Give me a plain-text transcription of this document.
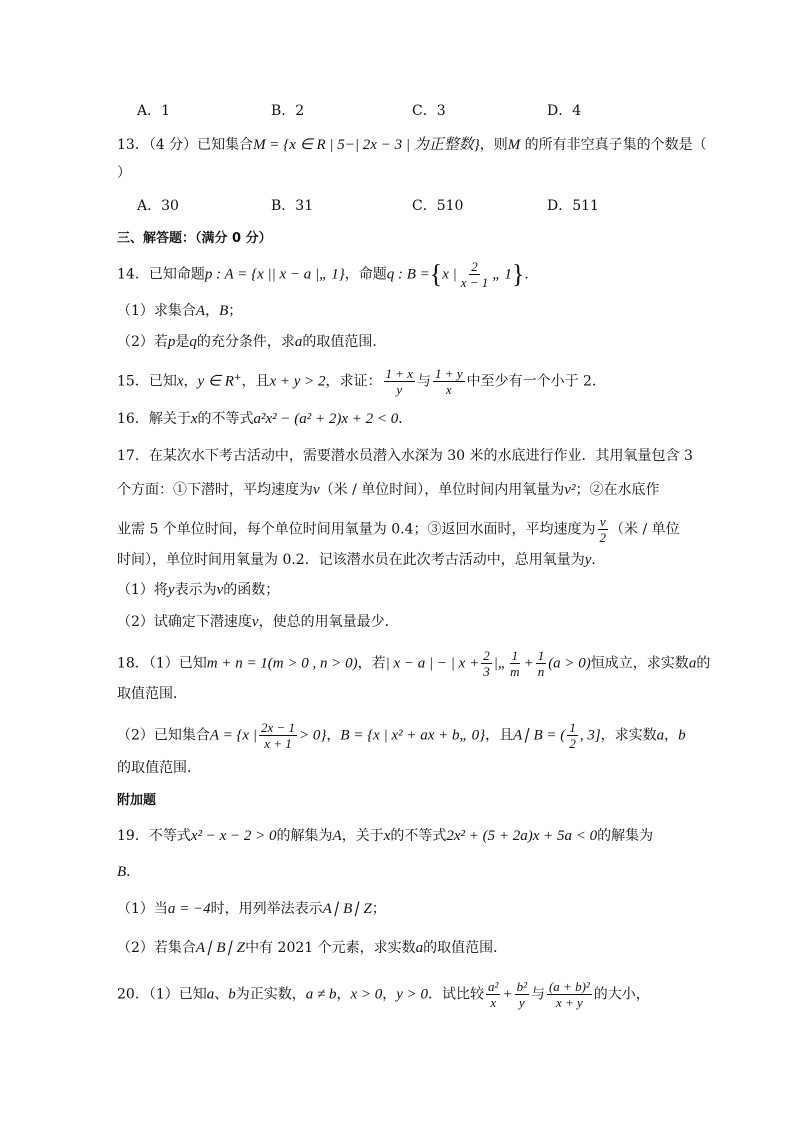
A．1	B．2	C．3	D．4
13．（4 分）已知集合M = {x ∈ R | 5−| 2x − 3 | 为正整数}，则M 的所有非空真子集的个数是（
）
A．30	B．31	C．510	D．511
三、解答题：（满分 0 分）
14．已知命题p : A = {x || x − a |„ 1}，命题q : B ={x | $\frac{2}{x - 1}$ „ 1}．
（1）求集合A，B；
（2）若p是q的充分条件，求a的取值范围．
15．已知x，y ∈ R+，且x + y > 2，求证： $\frac{1 + x}{y}$ 与 $\frac{1 + y}{x}$ 中至少有一个小于 2．
16．解关于x的不等式a²x² − (a² + 2)x + 2 < 0．
17．在某次水下考古活动中，需要潜水员潜入水深为 30 米的水底进行作业．其用氧量包含 3
个方面：①下潜时，平均速度为v（米 / 单位时间），单位时间内用氧量为v²；②在水底作
业需 5 个单位时间，每个单位时间用氧量为 0.4；③返回水面时，平均速度为 $\frac{v}{2}$ （米 / 单位
时间），单位时间用氧量为 0.2．记该潜水员在此次考古活动中，总用氧量为y．
（1）将y表示为v的函数；
（2）试确定下潜速度v，使总的用氧量最少．
18．（1）已知m + n = 1(m > 0 , n > 0)，若| x − a | − | $x + \frac{2}{3}$ |„ $\frac{1}{m} + \frac{1}{n} (a > 0)$恒成立，求实数a的
取值范围．
（2）已知集合A = {x | $\frac{2x - 1}{x + 1} > 0$}，B = {x | x² + ax + b„ 0}，且A∣ B = ( $\frac{1}{2}$ , 3]，求实数a，b
的取值范围．
附加题
19．不等式x² − x − 2 > 0的解集为A，关于x的不等式2x² + (5 + 2a)x + 5a < 0的解集为
B．
（1）当a = −4时，用列举法表示A∣ B∣ Z；
（2）若集合A∣ B∣ Z中有 2021 个元素，求实数a的取值范围．
20．（1）已知a、b为正实数，a ≠ b，x > 0，y > 0．试比较 $\frac{\text{a²}}{x} + \frac{\text{b²}}{y}$ 与 $\frac{\text{(a + b)²}}{x + y}$ 的大小，
